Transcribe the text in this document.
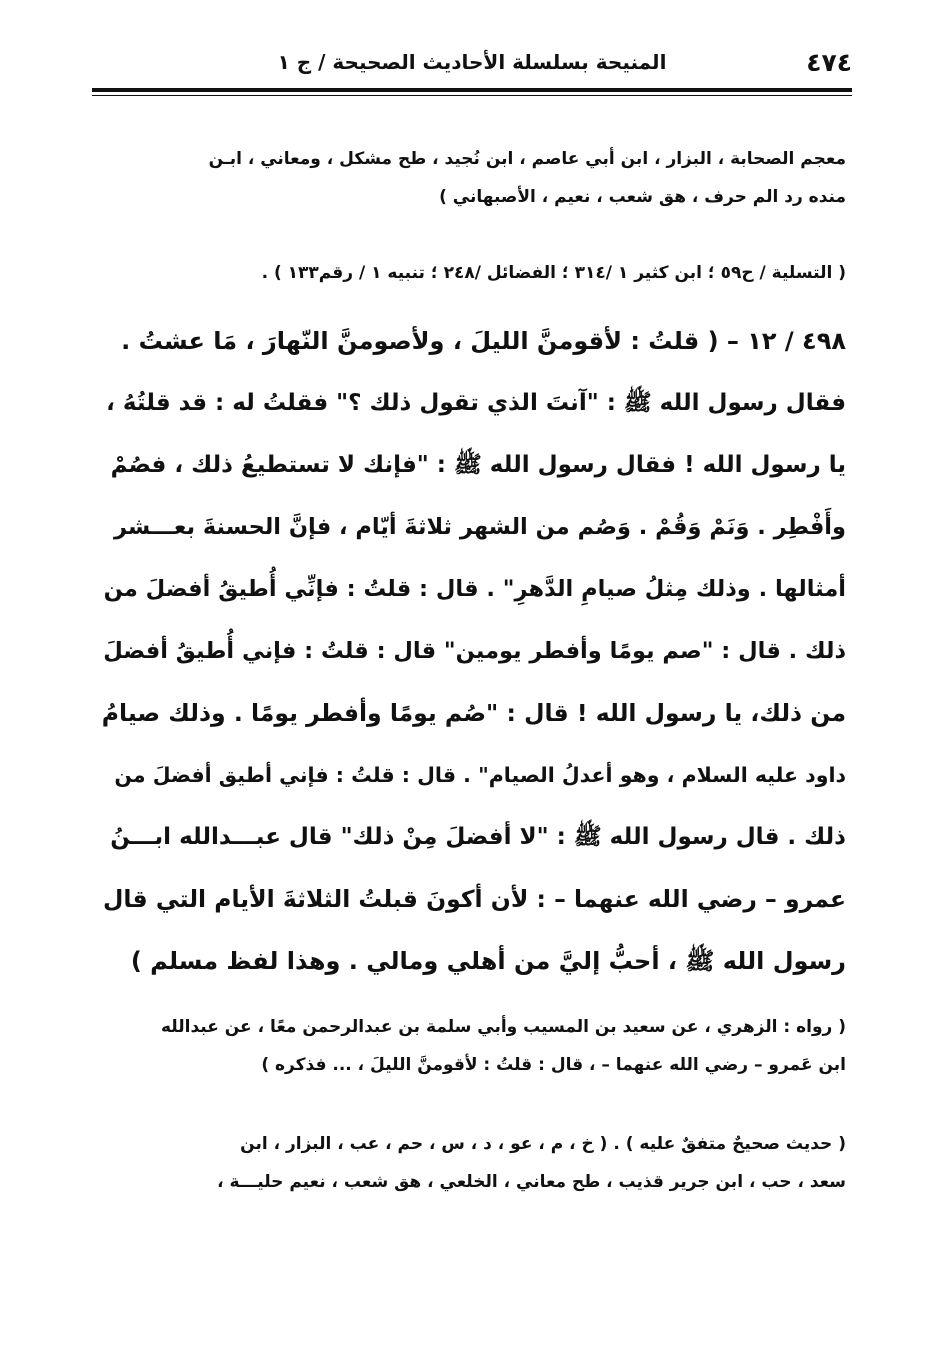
٤٧٤
المنيحة بسلسلة الأحاديث الصحيحة / ج ١
معجم الصحابة ، البزار ، ابن أبي عاصم ، ابن نُجيد ، طح مشكل ، ومعاني ، ابـن
منده رد الم حرف ، هق شعب ، نعيم ، الأصبهاني )
( التسلية / ح٥٩ ؛ ابن كثير ١ /٣١٤ ؛ الفضائل /٢٤٨ ؛ تنبيه ١ / رقم١٣٣ ) .
٤٩٨ / ١٢ – ( قلتُ : لأقومنَّ الليلَ ، ولأصومنَّ النّهارَ ، مَا عشتُ .
فقال رسول الله ﷺ : "آنتَ الذي تقول ذلك ؟" فقلتُ له : قد قلتُهُ ،
يا رسول الله ! فقال رسول الله ﷺ : "فإنك لا تستطيعُ ذلك ، فصُمْ
وأَفْطِر . وَنَمْ وَقُمْ . وَصُم من الشهر ثلاثةَ أيّام ، فإنَّ الحسنةَ بعـــشر
أمثالها . وذلك مِثلُ صيامِ الدَّهرِ" . قال : قلتُ : فإنِّي أُطيقُ أفضلَ من
ذلك . قال : "صم يومًا وأفطر يومين" قال : قلتُ : فإني أُطيقُ أفضلَ
من ذلك، يا رسول الله ! قال : "صُم يومًا وأفطر يومًا . وذلك صيامُ
داود عليه السلام ، وهو أعدلُ الصيام" . قال : قلتُ : فإني أطيق أفضلَ من
ذلك . قال رسول الله ﷺ : "لا أفضلَ مِنْ ذلك" قال عبـــدالله ابـــنُ
عمرو – رضي الله عنهما – : لأن أكونَ قبلتُ الثلاثةَ الأيام التي قال
رسول الله ﷺ ، أحبُّ إليَّ من أهلي ومالي . وهذا لفظ مسلم )
( رواه : الزهري ، عن سعيد بن المسيب وأبي سلمة بن عبدالرحمن معًا ، عن عبدالله
ابن عَمرو – رضي الله عنهما – ، قال : قلتُ : لأقومنَّ الليلَ ، ... فذكره )
( حديث صحيحٌ متفقٌ عليه ) . ( خ ، م ، عو ، د ، س ، حم ، عب ، البزار ، ابن
سعد ، حب ، ابن جرير قذيب ، طح معاني ، الخلعي ، هق شعب ، نعيم حليـــة ،
